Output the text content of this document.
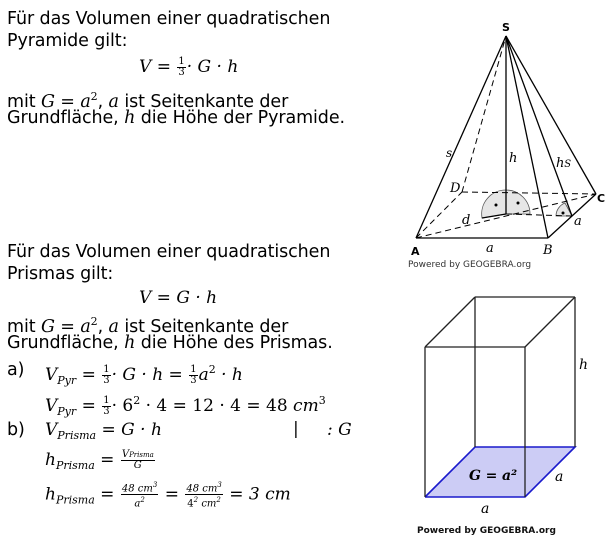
Für das Volumen einer quadratischen
Pyramide gilt:
$V = \frac{1}{3} \cdot G \cdot h$
mit $G = a^2$, a ist Seitenkante der
Grundfläche, h die Höhe der Pyramide.
Für das Volumen einer quadratischen
Prismas gilt:
V = G · h
mit $G = a^2$, a ist Seitenkante der
Grundfläche, h die Höhe des Prismas.
a) $V_{Pyr} = \frac{1}{3} \cdot G \cdot h = \frac{1}{3} a^2 \cdot h$
$V_{Pyr} = \frac{1}{3} \cdot 6^2 \cdot 4 = 12 \cdot 4 = 48$ $cm^3$
b) $V_{Prisma} = G \cdot h$	| : G
$h_{Prisma} = \frac{\text{VPrisma}}{G}$
$h_{Prisma} = \frac{48 cm^3}{a^2} = \frac{48 cm^3}{4^2 cm^2} = 3$ cm
S
A	B
C
D
s	h	hS
d
a
a
Powered by GEOGEBRA.org
h
G = a²
a
a
Powered by GEOGEBRA.org
